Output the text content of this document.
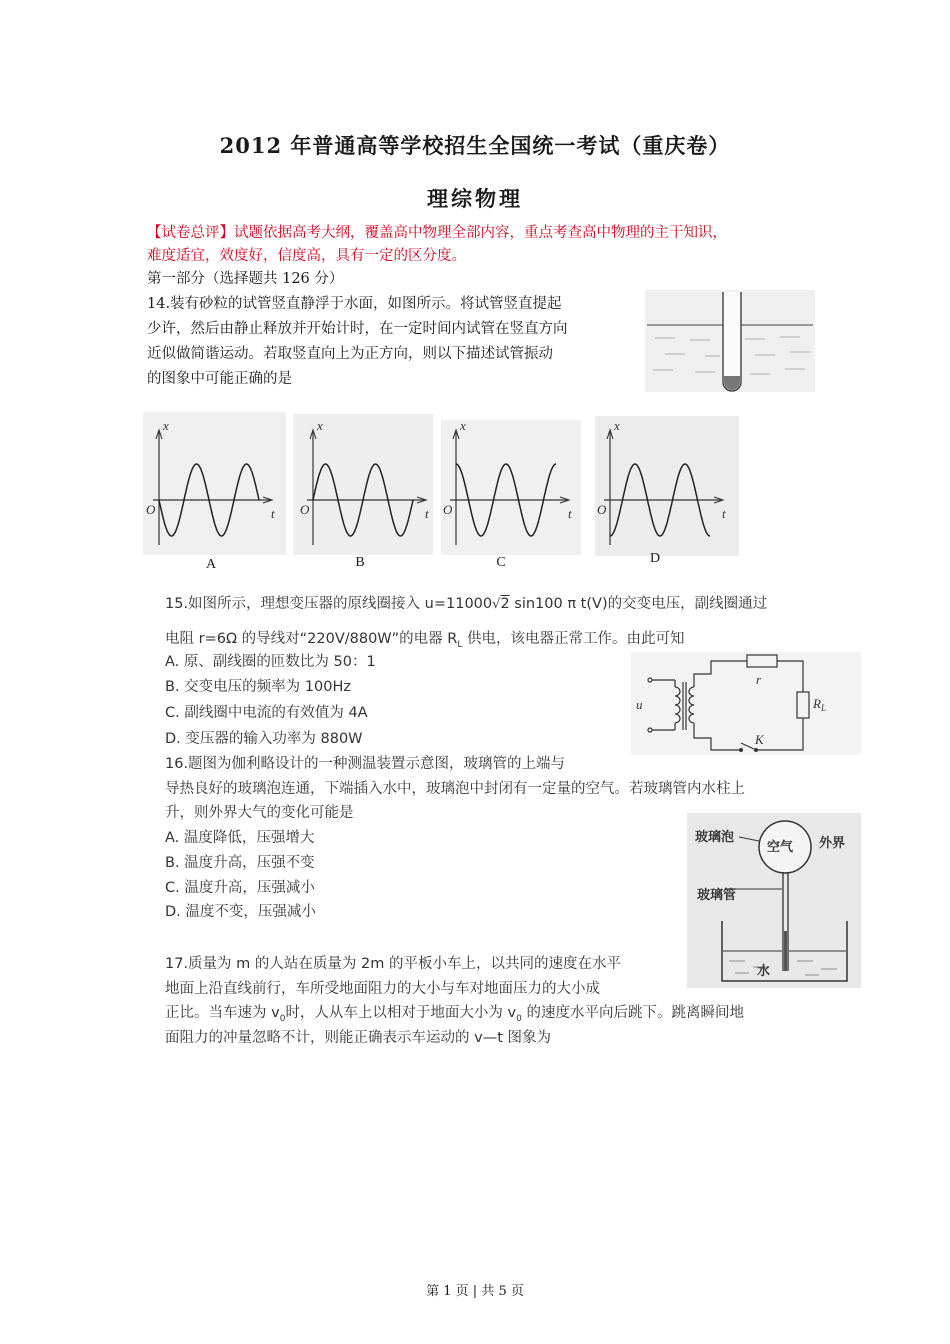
2012 年普通高等学校招生全国统一考试（重庆卷）
理综物理
【试卷总评】试题依据高考大纲，覆盖高中物理全部内容，重点考查高中物理的主干知识，
难度适宜，效度好，信度高，具有一定的区分度。
第一部分（选择题共 126 分）
14.装有砂粒的试管竖直静浮于水面，如图所示。将试管竖直提起
少许，然后由静止释放并开始计时，在一定时间内试管在竖直方向
近似做简谐运动。若取竖直向上为正方向，则以下描述试管振动
的图象中可能正确的是
x
t
O
x
t
O
x
t
O
x
t
O
A	B	C	D
15.如图所示，理想变压器的原线圈接入 u=11000√2 sin100 π t(V)的交变电压，副线圈通过
电阻 r=6Ω 的导线对“220V/880W”的电器 $R_L$ 供电，该电器正常工作。由此可知
A. 原、副线圈的匝数比为 50：1
B. 交变电压的频率为 100Hz
C. 副线圈中电流的有效值为 4A
D. 变压器的输入功率为 880W
u
r
$R_L$
K
16.题图为伽利略设计的一种测温装置示意图，玻璃管的上端与
导热良好的玻璃泡连通，下端插入水中，玻璃泡中封闭有一定量的空气。若玻璃管内水柱上
升，则外界大气的变化可能是
A. 温度降低，压强增大
B. 温度升高，压强不变
C. 温度升高，压强减小
D. 温度不变，压强减小
玻璃泡
空气 外界
玻璃管
水
17.质量为 m 的人站在质量为 2m 的平板小车上，以共同的速度在水平
地面上沿直线前行，车所受地面阻力的大小与车对地面压力的大小成
正比。当车速为 $v_0$时，人从车上以相对于地面大小为 $v_0$ 的速度水平向后跳下。跳离瞬间地
面阻力的冲量忽略不计，则能正确表示车运动的 v—t 图象为
第 1 页 | 共 5 页
